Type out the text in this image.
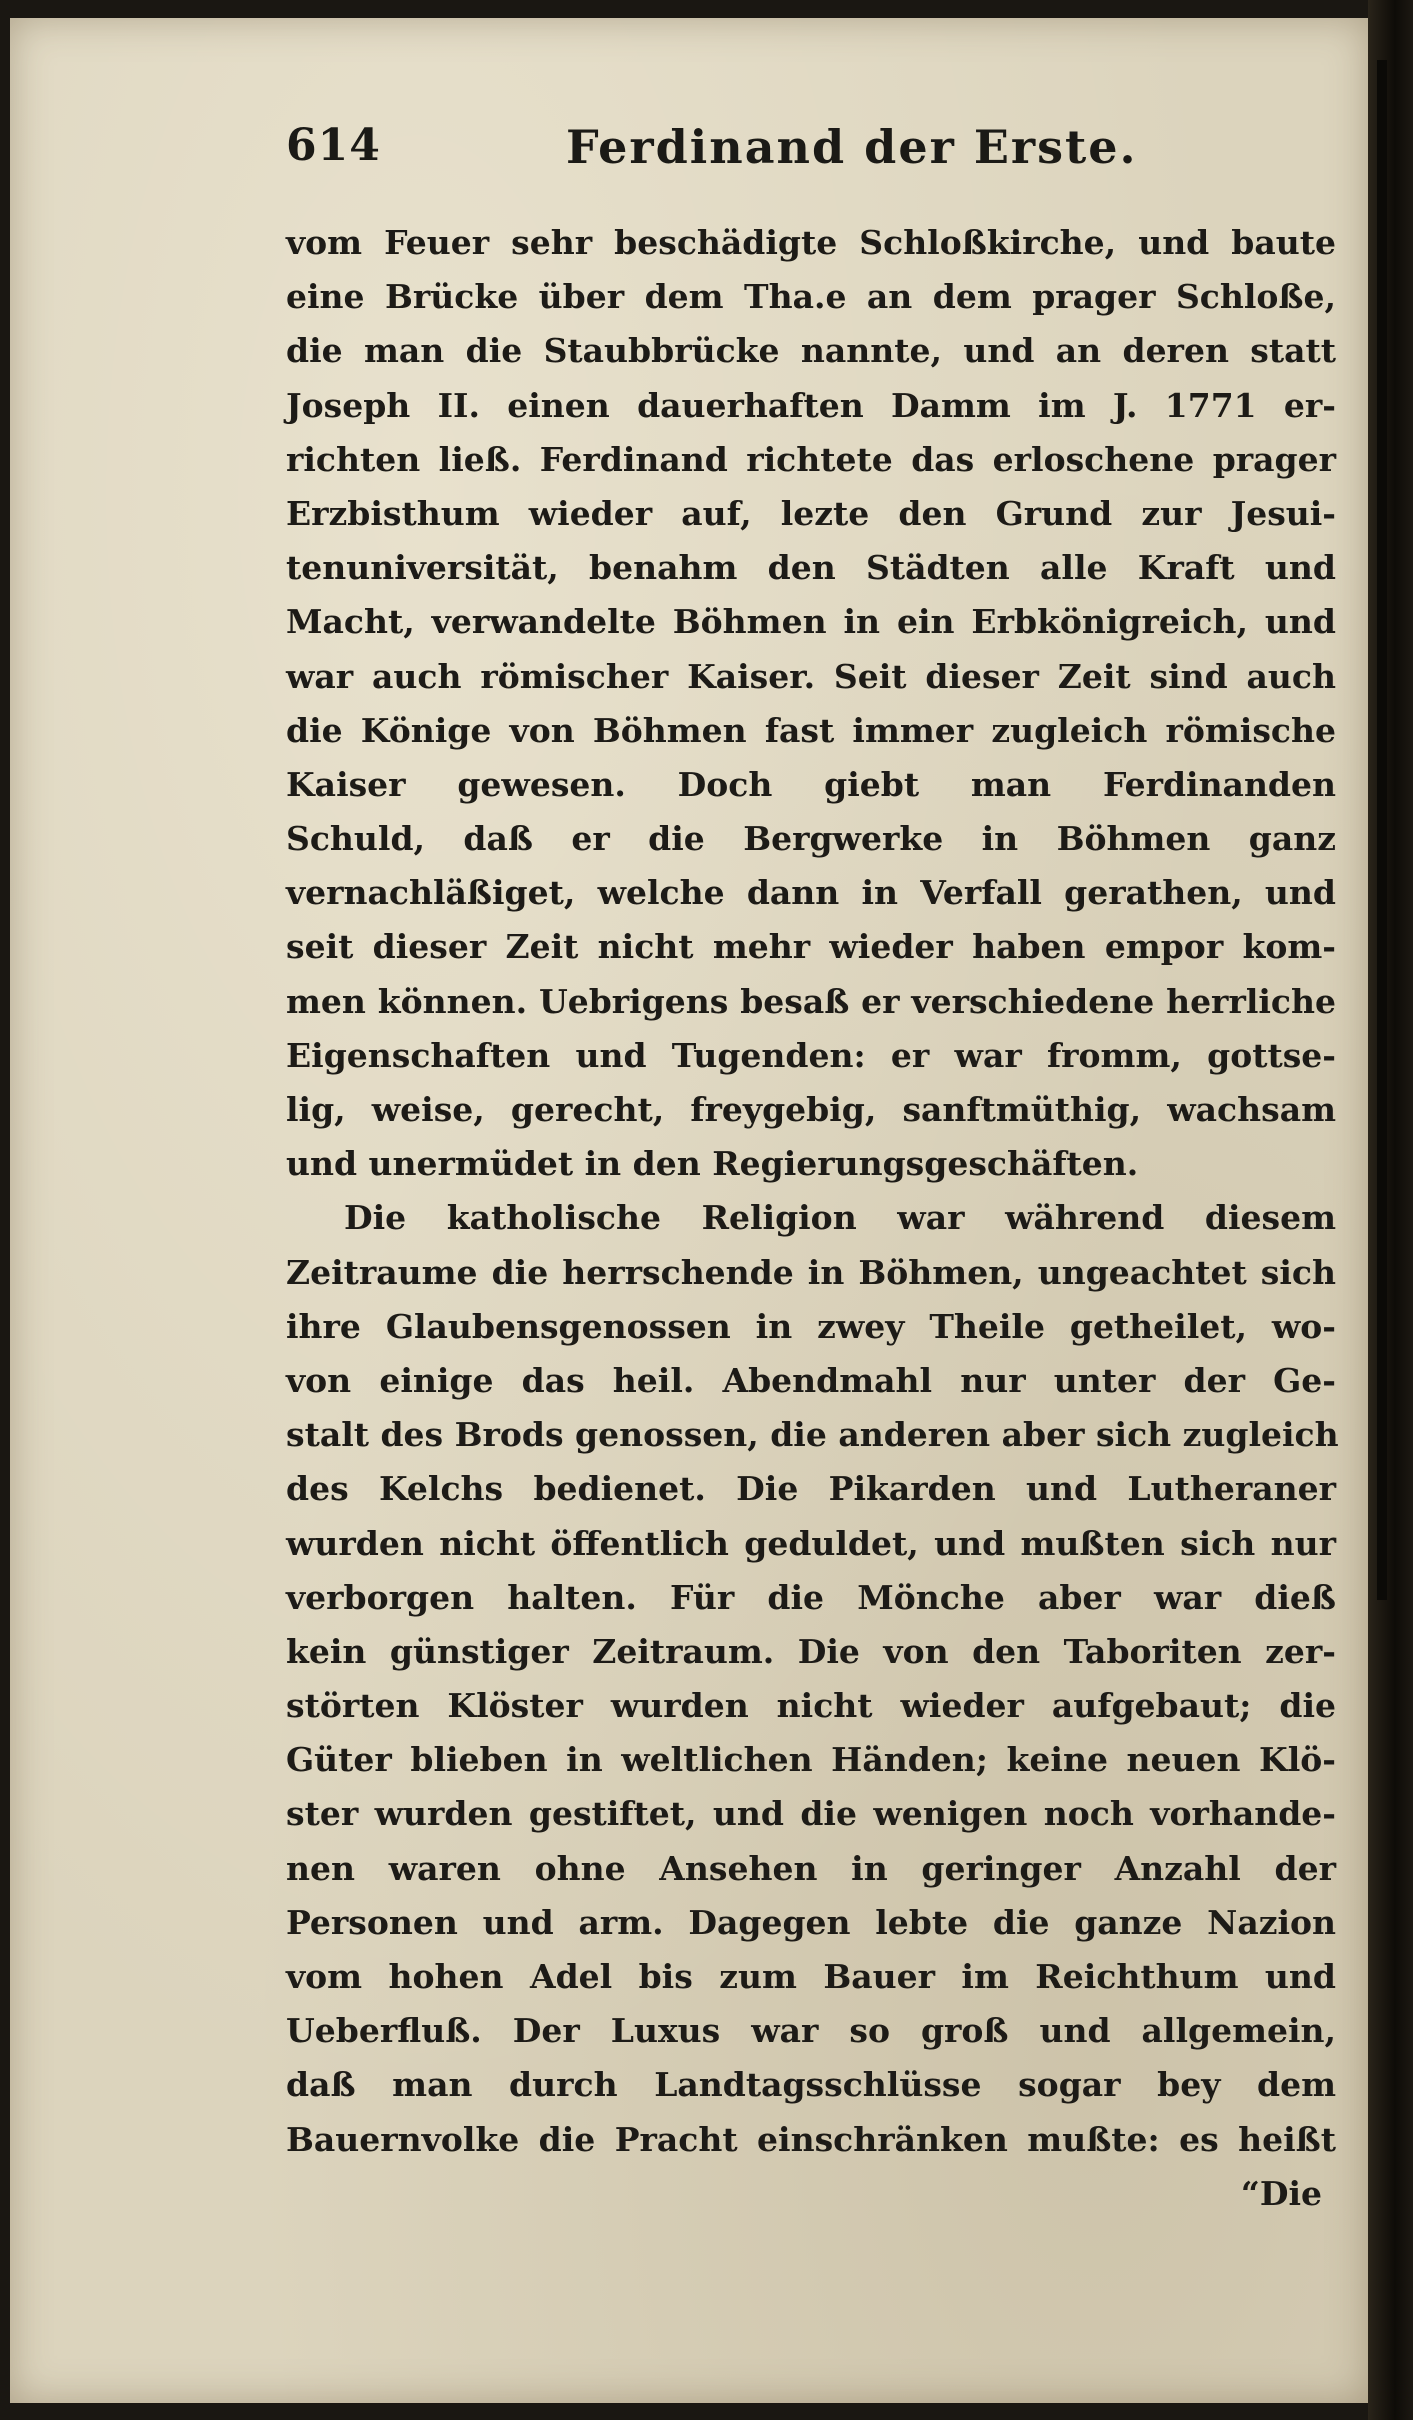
614	Ferdinand der Erste.
vom Feuer sehr beschädigte Schloßkirche, und baute
eine Brücke über dem Tha.e an dem prager Schloße,
die man die Staubbrücke nannte, und an deren statt
Joseph II. einen dauerhaften Damm im J. 1771 er-
richten ließ. Ferdinand richtete das erloschene prager
Erzbisthum wieder auf, lezte den Grund zur Jesui-
tenuniversität, benahm den Städten alle Kraft und
Macht, verwandelte Böhmen in ein Erbkönigreich, und
war auch römischer Kaiser. Seit dieser Zeit sind auch
die Könige von Böhmen fast immer zugleich römische
Kaiser gewesen. Doch giebt man Ferdinanden
Schuld, daß er die Bergwerke in Böhmen ganz
vernachläßiget, welche dann in Verfall gerathen, und
seit dieser Zeit nicht mehr wieder haben empor kom-
men können. Uebrigens besaß er verschiedene herrliche
Eigenschaften und Tugenden: er war fromm, gottse-
lig, weise, gerecht, freygebig, sanftmüthig, wachsam
und unermüdet in den Regierungsgeschäften.
Die katholische Religion war während diesem
Zeitraume die herrschende in Böhmen, ungeachtet sich
ihre Glaubensgenossen in zwey Theile getheilet, wo-
von einige das heil. Abendmahl nur unter der Ge-
stalt des Brods genossen, die anderen aber sich zugleich
des Kelchs bedienet. Die Pikarden und Lutheraner
wurden nicht öffentlich geduldet, und mußten sich nur
verborgen halten. Für die Mönche aber war dieß
kein günstiger Zeitraum. Die von den Taboriten zer-
störten Klöster wurden nicht wieder aufgebaut; die
Güter blieben in weltlichen Händen; keine neuen Klö-
ster wurden gestiftet, und die wenigen noch vorhande-
nen waren ohne Ansehen in geringer Anzahl der
Personen und arm. Dagegen lebte die ganze Nazion
vom hohen Adel bis zum Bauer im Reichthum und
Ueberfluß. Der Luxus war so groß und allgemein,
daß man durch Landtagsschlüsse sogar bey dem
Bauernvolke die Pracht einschränken mußte: es heißt
“Die
